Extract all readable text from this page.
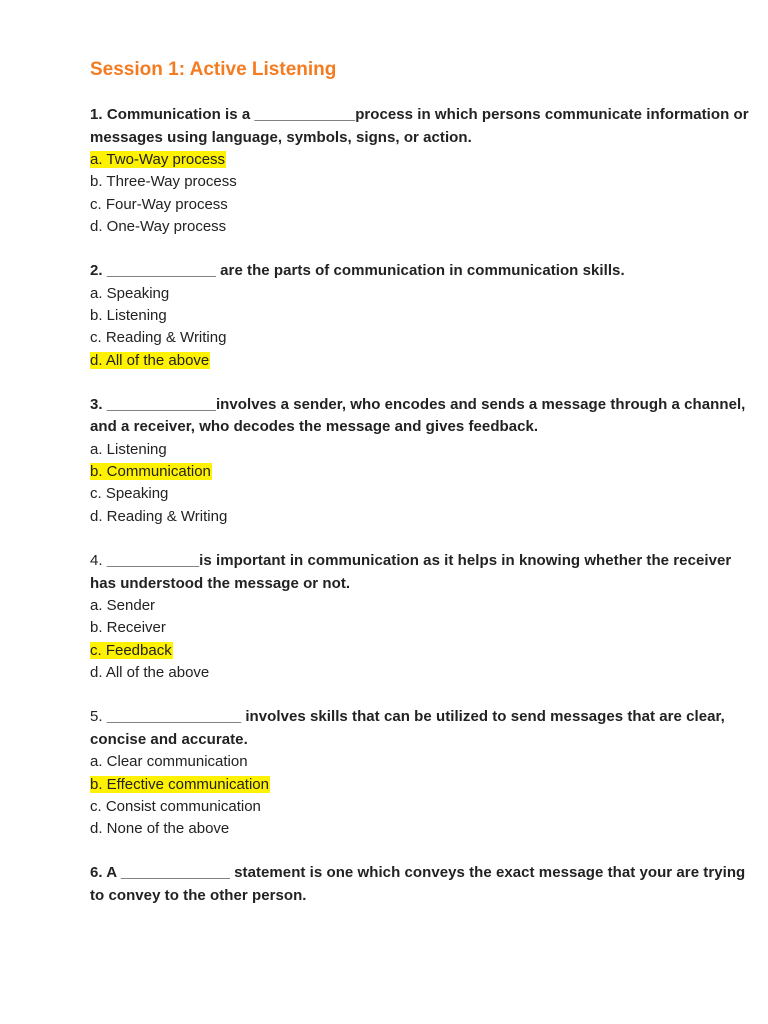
Session 1: Active Listening
1. Communication is a ____________process in which persons communicate information or messages using language, symbols, signs, or action.
a. Two-Way process
b. Three-Way process
c. Four-Way process
d. One-Way process
2. _____________ are the parts of communication in communication skills.
a. Speaking
b. Listening
c. Reading & Writing
d. All of the above
3. _____________involves a sender, who encodes and sends a message through a channel, and a receiver, who decodes the message and gives feedback.
a. Listening
b. Communication
c. Speaking
d. Reading & Writing
4. ___________is important in communication as it helps in knowing whether the receiver has understood the message or not.
a. Sender
b. Receiver
c. Feedback
d. All of the above
5. ________________ involves skills that can be utilized to send messages that are clear, concise and accurate.
a. Clear communication
b. Effective communication
c. Consist communication
d. None of the above
6. A _____________ statement is one which conveys the exact message that your are trying to convey to the other person.
